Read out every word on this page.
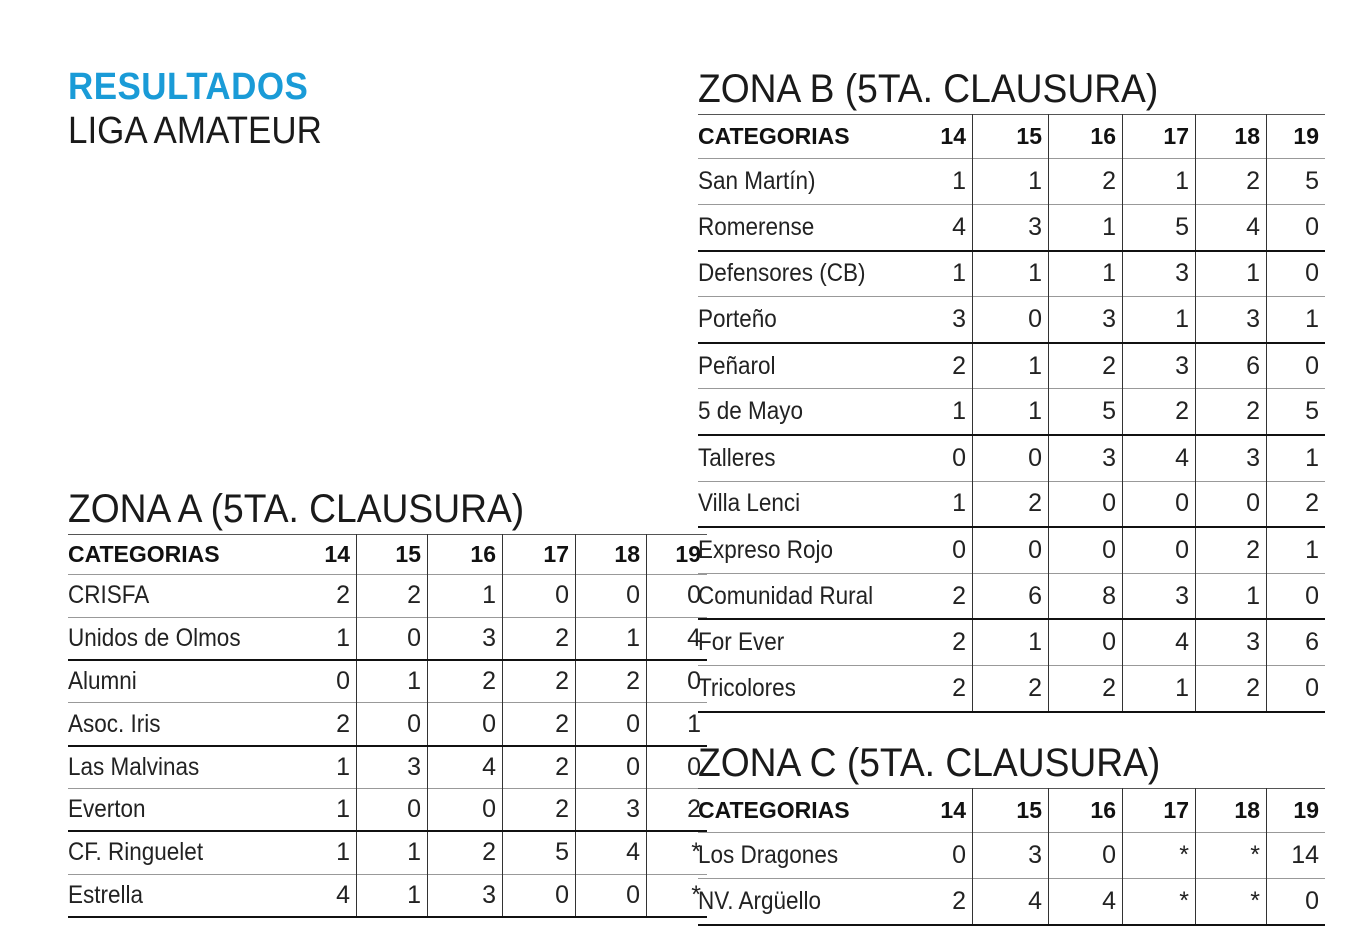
RESULTADOS
LIGA AMATEUR
ZONA A (5TA. CLAUSURA)
CATEGORIAS	14	15	16	17	18	19
CRISFA	2	2	1	0	0	0
Unidos de Olmos	1	0	3	2	1	4
Alumni	0	1	2	2	2	0
Asoc. Iris	2	0	0	2	0	1
Las Malvinas	1	3	4	2	0	0
Everton	1	0	0	2	3	2
CF. Ringuelet	1	1	2	5	4	*
Estrella	4	1	3	0	0	*
ZONA B (5TA. CLAUSURA)
CATEGORIAS	14	15	16	17	18	19
San Martín)	1	1	2	1	2	5
Romerense	4	3	1	5	4	0
Defensores (CB)	1	1	1	3	1	0
Porteño	3	0	3	1	3	1
Peñarol	2	1	2	3	6	0
5 de Mayo	1	1	5	2	2	5
Talleres	0	0	3	4	3	1
Villa Lenci	1	2	0	0	0	2
Expreso Rojo	0	0	0	0	2	1
Comunidad Rural	2	6	8	3	1	0
For Ever	2	1	0	4	3	6
Tricolores	2	2	2	1	2	0
ZONA C (5TA. CLAUSURA)
CATEGORIAS	14	15	16	17	18	19
Los Dragones	0	3	0	*	*	14
NV. Argüello	2	4	4	*	*	0
